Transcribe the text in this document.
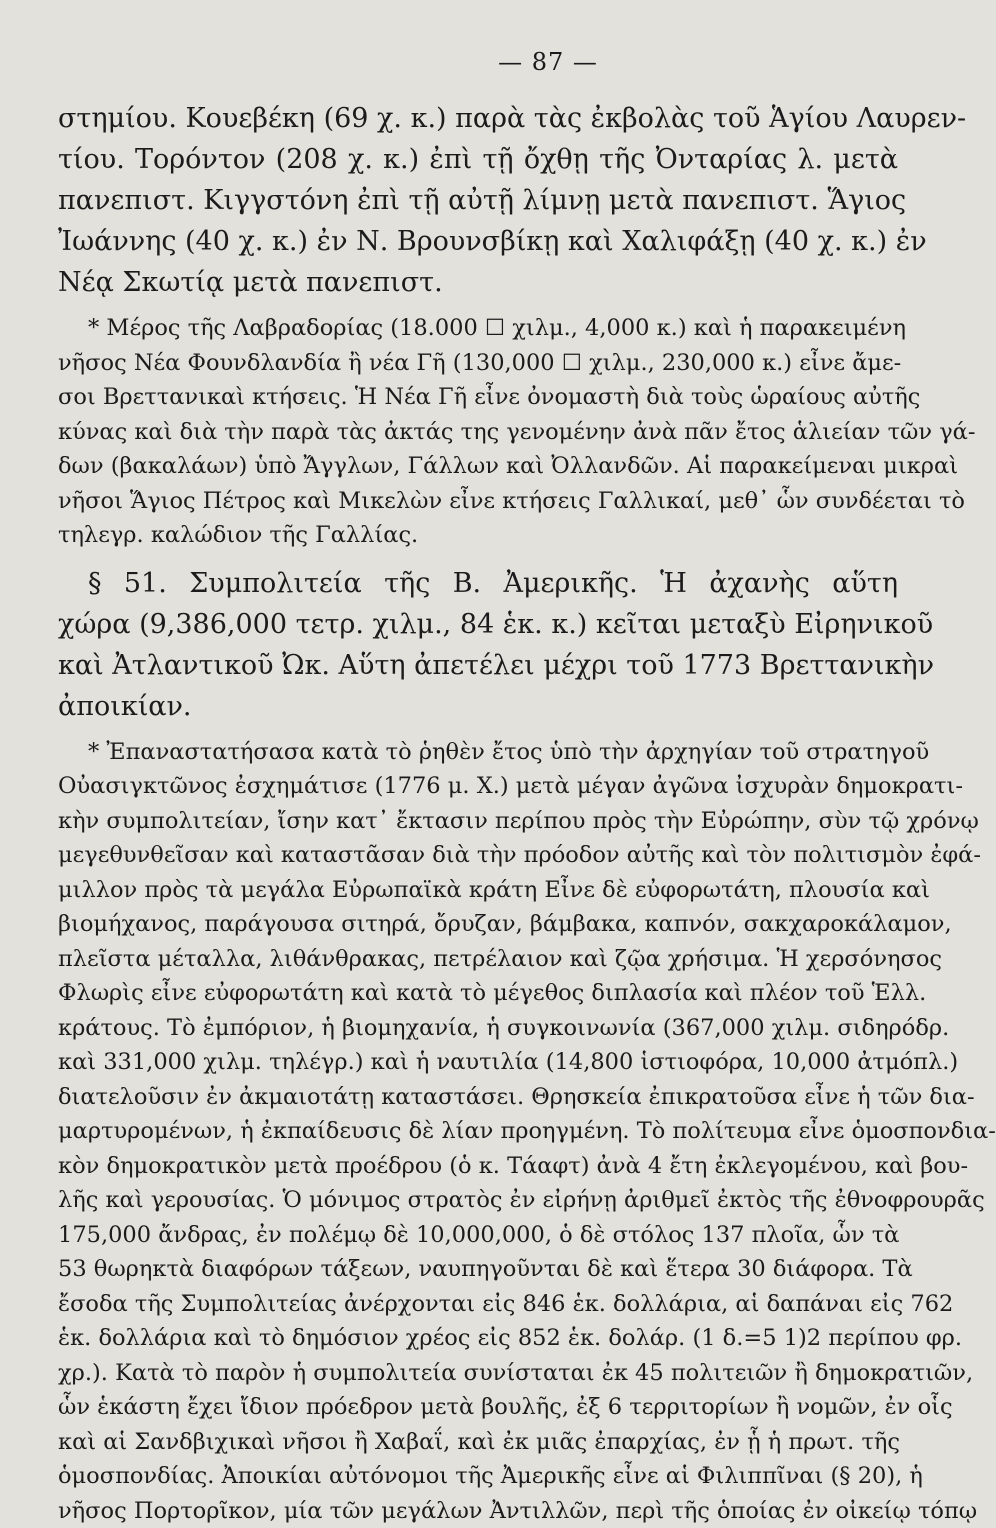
— 87 —
στημίου. Κουεβέκη (69 χ. κ.) παρὰ τὰς ἐκβολὰς τοῦ Ἁγίου Λαυρεν-
τίου. Τορόντον (208 χ. κ.) ἐπὶ τῇ ὄχθῃ τῆς Ὀνταρίας λ. μετὰ
πανεπιστ. Κιγγστόνη ἐπὶ τῇ αὐτῇ λίμνῃ μετὰ πανεπιστ. Ἅγιος
Ἰωάννης (40 χ. κ.) ἐν Ν. Βρουνσβίκῃ καὶ Χαλιφάξῃ (40 χ. κ.) ἐν
Νέᾳ Σκωτίᾳ μετὰ πανεπιστ.
* Μέρος τῆς Λαβραδορίας (18.000 ☐ χιλμ., 4,000 κ.) καὶ ἡ παρακειμένη
νῆσος Νέα Φουνδλανδία ἢ νέα Γῆ (130,000 ☐ χιλμ., 230,000 κ.) εἶνε ἄμε-
σοι Βρεττανικαὶ κτήσεις. Ἡ Νέα Γῆ εἶνε ὀνομαστὴ διὰ τοὺς ὡραίους αὐτῆς
κύνας καὶ διὰ τὴν παρὰ τὰς ἀκτάς της γενομένην ἀνὰ πᾶν ἔτος ἁλιείαν τῶν γά-
δων (βακαλάων) ὑπὸ Ἄγγλων, Γάλλων καὶ Ὀλλανδῶν. Αἱ παρακείμεναι μικραὶ
νῆσοι Ἅγιος Πέτρος καὶ Μικελὼν εἶνε κτήσεις Γαλλικαί, μεθ᾽ ὧν συνδέεται τὸ
τηλεγρ. καλώδιον τῆς Γαλλίας.
§ 51. Συμπολιτεία τῆς Β. Ἀμερικῆς. Ἡ ἀχανὴς αὕτη
χώρα (9,386,000 τετρ. χιλμ., 84 ἑκ. κ.) κεῖται μεταξὺ Εἰρηνικοῦ
καὶ Ἀτλαντικοῦ Ὠκ. Αὕτη ἀπετέλει μέχρι τοῦ 1773 Βρεττανικὴν
ἀποικίαν.
* Ἐπαναστατήσασα κατὰ τὸ ῥηθὲν ἔτος ὑπὸ τὴν ἀρχηγίαν τοῦ στρατηγοῦ
Οὐασιγκτῶνος ἐσχημάτισε (1776 μ. Χ.) μετὰ μέγαν ἀγῶνα ἰσχυρὰν δημοκρατι-
κὴν συμπολιτείαν, ἴσην κατ᾽ ἔκτασιν περίπου πρὸς τὴν Εὐρώπην, σὺν τῷ χρόνῳ
μεγεθυνθεῖσαν καὶ καταστᾶσαν διὰ τὴν πρόοδον αὐτῆς καὶ τὸν πολιτισμὸν ἐφά-
μιλλον πρὸς τὰ μεγάλα Εὐρωπαϊκὰ κράτη Εἶνε δὲ εὐφορωτάτη, πλουσία καὶ
βιομήχανος, παράγουσα σιτηρά, ὄρυζαν, βάμβακα, καπνόν, σακχαροκάλαμον,
πλεῖστα μέταλλα, λιθάνθρακας, πετρέλαιον καὶ ζῷα χρήσιμα. Ἡ χερσόνησος
Φλωρὶς εἶνε εὐφορωτάτη καὶ κατὰ τὸ μέγεθος διπλασία καὶ πλέον τοῦ Ἑλλ.
κράτους. Τὸ ἐμπόριον, ἡ βιομηχανία, ἡ συγκοινωνία (367,000 χιλμ. σιδηρόδρ.
καὶ 331,000 χιλμ. τηλέγρ.) καὶ ἡ ναυτιλία (14,800 ἱστιοφόρα, 10,000 ἀτμόπλ.)
διατελοῦσιν ἐν ἀκμαιοτάτῃ καταστάσει. Θρησκεία ἐπικρατοῦσα εἶνε ἡ τῶν δια-
μαρτυρομένων, ἡ ἐκπαίδευσις δὲ λίαν προηγμένη. Τὸ πολίτευμα εἶνε ὁμοσπονδια-
κὸν δημοκρατικὸν μετὰ προέδρου (ὁ κ. Τάαφτ) ἀνὰ 4 ἔτη ἐκλεγομένου, καὶ βου-
λῆς καὶ γερουσίας. Ὁ μόνιμος στρατὸς ἐν εἰρήνῃ ἀριθμεῖ ἐκτὸς τῆς ἐθνοφρουρᾶς
175,000 ἄνδρας, ἐν πολέμῳ δὲ 10,000,000, ὁ δὲ στόλος 137 πλοῖα, ὧν τὰ
53 θωρηκτὰ διαφόρων τάξεων, ναυπηγοῦνται δὲ καὶ ἕτερα 30 διάφορα. Τὰ
ἔσοδα τῆς Συμπολιτείας ἀνέρχονται εἰς 846 ἑκ. δολλάρια, αἱ δαπάναι εἰς 762
ἑκ. δολλάρια καὶ τὸ δημόσιον χρέος εἰς 852 ἑκ. δολάρ. (1 δ.=5 1)2 περίπου φρ.
χρ.). Κατὰ τὸ παρὸν ἡ συμπολιτεία συνίσταται ἐκ 45 πολιτειῶν ἢ δημοκρατιῶν,
ὧν ἑκάστη ἔχει ἴδιον πρόεδρον μετὰ βουλῆς, ἐξ 6 τερριτορίων ἢ νομῶν, ἐν οἷς
καὶ αἱ Σανδβιχικαὶ νῆσοι ἢ Χαβαΐ, καὶ ἐκ μιᾶς ἐπαρχίας, ἐν ᾗ ἡ πρωτ. τῆς
ὁμοσπονδίας. Ἀποικίαι αὐτόνομοι τῆς Ἀμερικῆς εἶνε αἱ Φιλιππῖναι (§ 20), ἡ
νῆσος Πορτορῖκον, μία τῶν μεγάλων Ἀντιλλῶν, περὶ τῆς ὁποίας ἐν οἰκείῳ τόπῳ
